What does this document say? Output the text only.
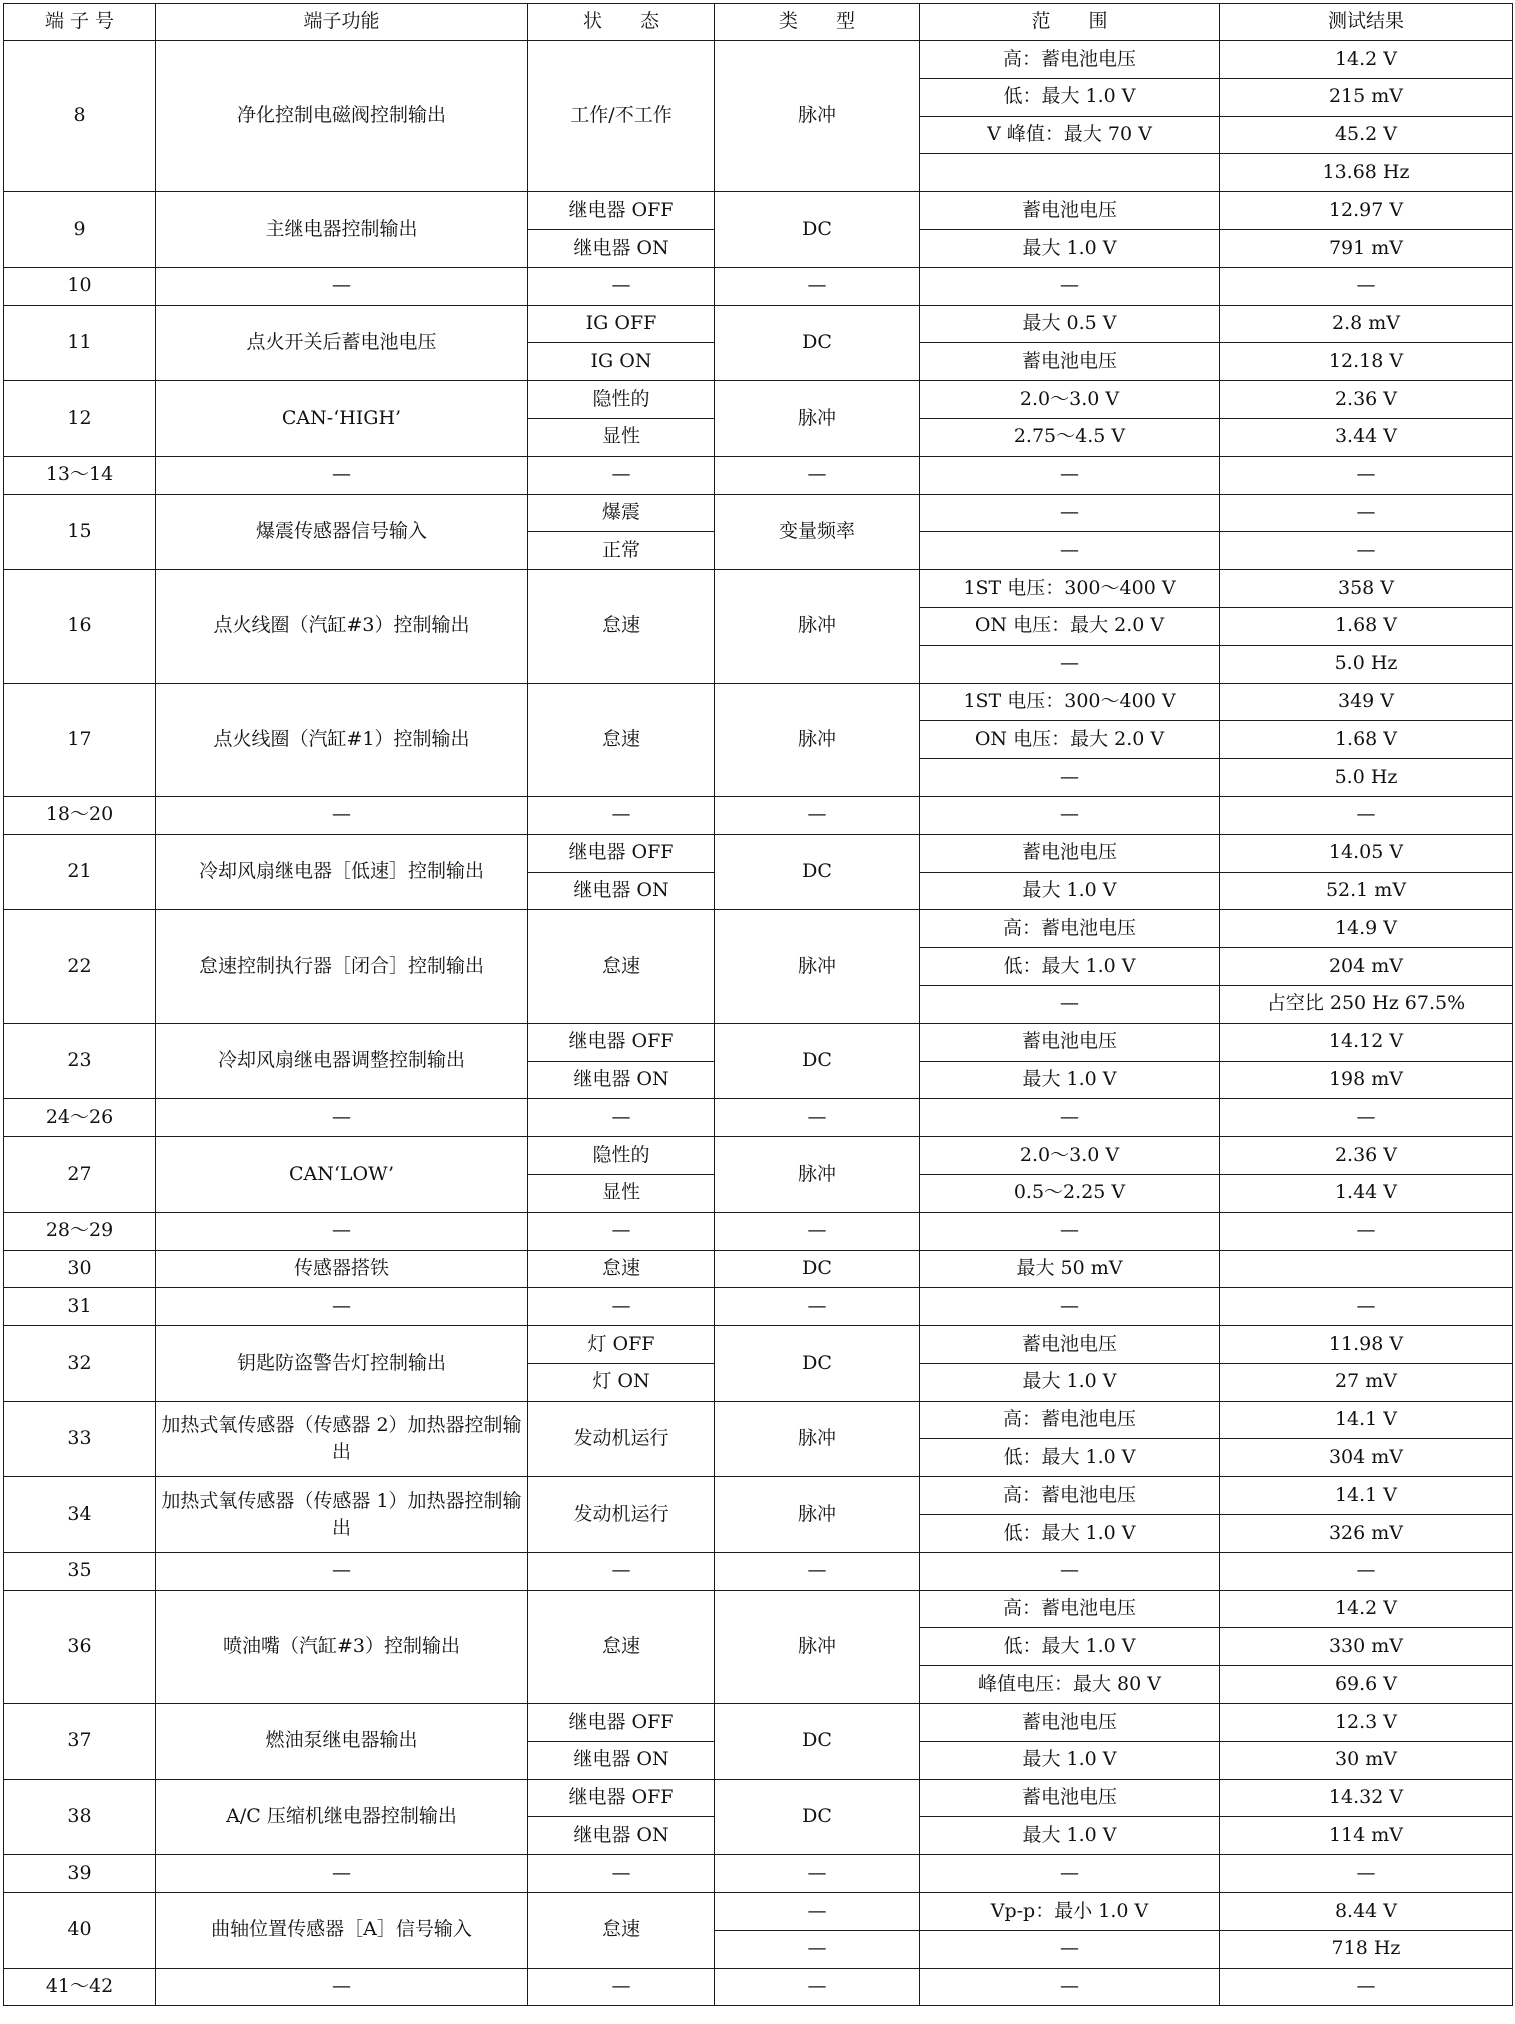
端 子 号	端子功能	状　　态	类　　型	范　　围	测试结果
8	净化控制电磁阀控制输出	工作/不工作	脉冲	高：蓄电池电压	14.2 V
				低：最大 1.0 V	215 mV
				V 峰值：最大 70 V	45.2 V
					13.68 Hz
9	主继电器控制输出	继电器 OFF	DC	蓄电池电压	12.97 V
		继电器 ON		最大 1.0 V	791 mV
10	—	—	—	—	—
11	点火开关后蓄电池电压	IG OFF	DC	最大 0.5 V	2.8 mV
		IG ON		蓄电池电压	12.18 V
12	CAN-‘HIGH’	隐性的	脉冲	2.0～3.0 V	2.36 V
		显性		2.75～4.5 V	3.44 V
13～14	—	—	—	—	—
15	爆震传感器信号输入	爆震	变量频率	—	—
		正常		—	—
16	点火线圈（汽缸#3）控制输出	怠速	脉冲	1ST 电压：300～400 V	358 V
				ON 电压：最大 2.0 V	1.68 V
				—	5.0 Hz
17	点火线圈（汽缸#1）控制输出	怠速	脉冲	1ST 电压：300～400 V	349 V
				ON 电压：最大 2.0 V	1.68 V
				—	5.0 Hz
18～20	—	—	—	—	—
21	冷却风扇继电器［低速］控制输出	继电器 OFF	DC	蓄电池电压	14.05 V
		继电器 ON		最大 1.0 V	52.1 mV
22	怠速控制执行器［闭合］控制输出	怠速	脉冲	高：蓄电池电压	14.9 V
				低：最大 1.0 V	204 mV
				—	占空比 250 Hz 67.5%
23	冷却风扇继电器调整控制输出	继电器 OFF	DC	蓄电池电压	14.12 V
		继电器 ON		最大 1.0 V	198 mV
24～26	—	—	—	—	—
27	CAN‘LOW’	隐性的	脉冲	2.0～3.0 V	2.36 V
		显性		0.5～2.25 V	1.44 V
28～29	—	—	—	—	—
30	传感器搭铁	怠速	DC	最大 50 mV	
31	—	—	—	—	—
32	钥匙防盗警告灯控制输出	灯 OFF	DC	蓄电池电压	11.98 V
		灯 ON		最大 1.0 V	27 mV
33	加热式氧传感器（传感器 2）加热器控制输出	发动机运行	脉冲	高：蓄电池电压	14.1 V
				低：最大 1.0 V	304 mV
34	加热式氧传感器（传感器 1）加热器控制输出	发动机运行	脉冲	高：蓄电池电压	14.1 V
				低：最大 1.0 V	326 mV
35	—	—	—	—	—
36	喷油嘴（汽缸#3）控制输出	怠速	脉冲	高：蓄电池电压	14.2 V
				低：最大 1.0 V	330 mV
				峰值电压：最大 80 V	69.6 V
37	燃油泵继电器输出	继电器 OFF	DC	蓄电池电压	12.3 V
		继电器 ON		最大 1.0 V	30 mV
38	A/C 压缩机继电器控制输出	继电器 OFF	DC	蓄电池电压	14.32 V
		继电器 ON		最大 1.0 V	114 mV
39	—	—	—	—	—
40	曲轴位置传感器［A］信号输入	怠速	—	Vp-p：最小 1.0 V	8.44 V
			—	—	718 Hz
41～42	—	—	—	—	—
